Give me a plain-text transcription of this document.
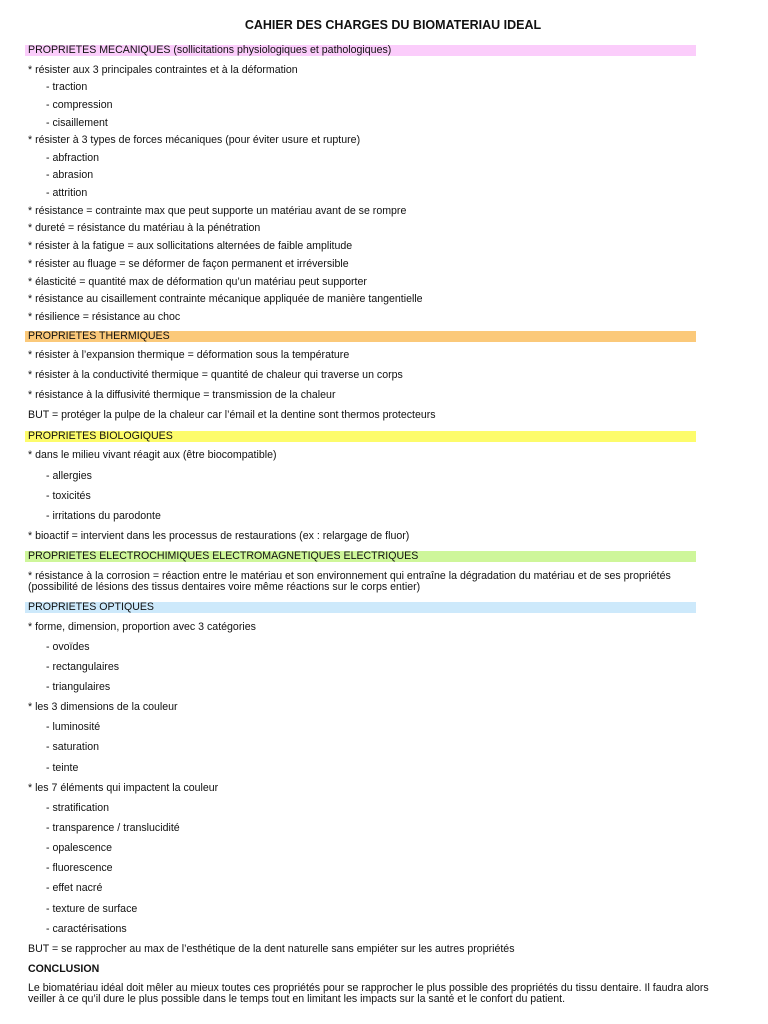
CAHIER DES CHARGES DU BIOMATERIAU IDEAL
PROPRIETES MECANIQUES (sollicitations physiologiques et pathologiques)
* résister aux 3 principales contraintes et à la déformation
- traction
- compression
- cisaillement
* résister à 3 types de forces mécaniques (pour éviter usure et rupture)
- abfraction
- abrasion
- attrition
* résistance = contrainte max que peut supporte un matériau avant de se rompre
* dureté = résistance du matériau à la pénétration
* résister à la fatigue = aux sollicitations alternées de faible amplitude
* résister au fluage = se déformer de façon permanent et irréversible
* élasticité = quantité max de déformation qu’un matériau peut supporter
* résistance au cisaillement contrainte mécanique appliquée de manière tangentielle
* résilience = résistance au choc
PROPRIETES THERMIQUES
* résister à l’expansion thermique = déformation sous la température
* résister à la conductivité thermique = quantité de chaleur qui traverse un corps
* résistance à la diffusivité thermique = transmission de la chaleur
BUT = protéger la pulpe de la chaleur car l’émail et la dentine sont thermos protecteurs
PROPRIETES BIOLOGIQUES
* dans le milieu vivant réagit aux (être biocompatible)
- allergies
- toxicités
- irritations du parodonte
* bioactif = intervient dans les processus de restaurations (ex : relargage de fluor)
PROPRIETES ELECTROCHIMIQUES ELECTROMAGNETIQUES ELECTRIQUES
* résistance à la corrosion = réaction entre le matériau et son environnement qui entraîne la dégradation du matériau et de ses propriétés (possibilité de lésions des tissus dentaires voire même réactions sur le corps entier)
PROPRIETES OPTIQUES
* forme, dimension, proportion avec 3 catégories
- ovoïdes
- rectangulaires
- triangulaires
* les 3 dimensions de la couleur
- luminosité
- saturation
- teinte
* les 7 éléments qui impactent la couleur
- stratification
- transparence / translucidité
- opalescence
- fluorescence
- effet nacré
- texture de surface
- caractérisations
BUT = se rapprocher au max de l’esthétique de la dent naturelle sans empiéter sur les autres propriétés
CONCLUSION
Le biomatériau idéal doit mêler au mieux toutes ces propriétés pour se rapprocher le plus possible des propriétés du tissu dentaire. Il faudra alors veiller à ce qu’il dure le plus possible dans le temps tout en limitant les impacts sur la santé et le confort du patient.
